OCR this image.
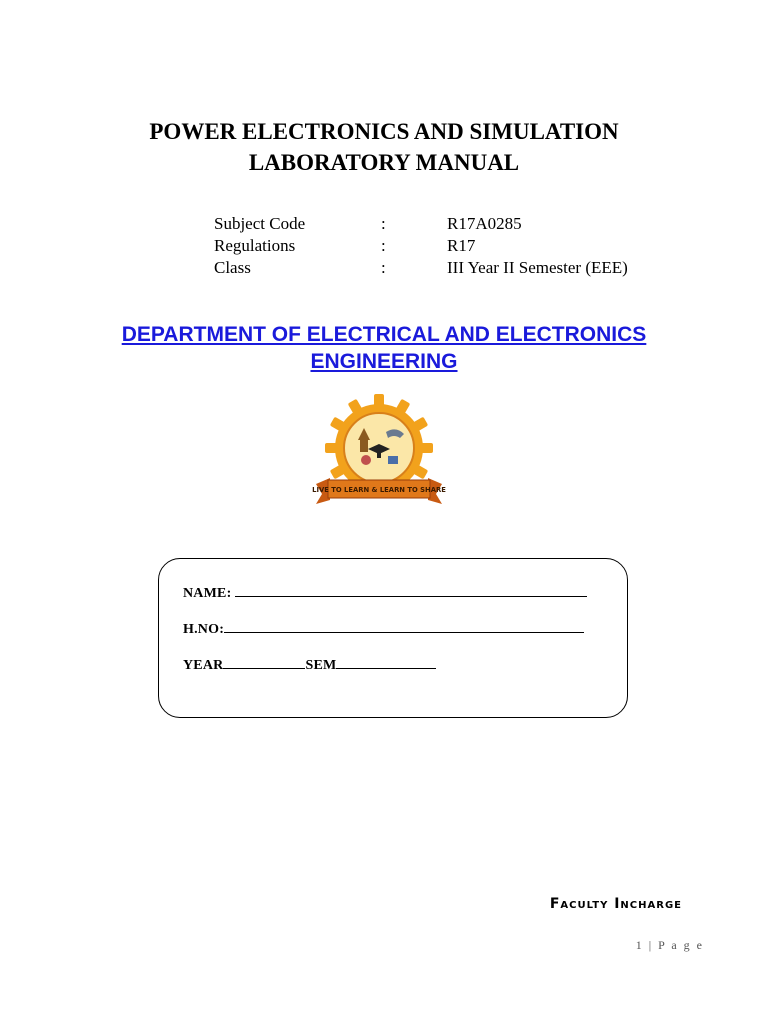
POWER ELECTRONICS AND SIMULATION
LABORATORY MANUAL
Subject Code	:	R17A0285
Regulations	:	R17
Class	:	III Year II Semester (EEE)
DEPARTMENT OF ELECTRICAL AND ELECTRONICS
ENGINEERING
LIVE TO LEARN & LEARN TO SHARE
NAME:
H.NO:
YEAR	SEM
Faculty Incharge
1 | P a g e
